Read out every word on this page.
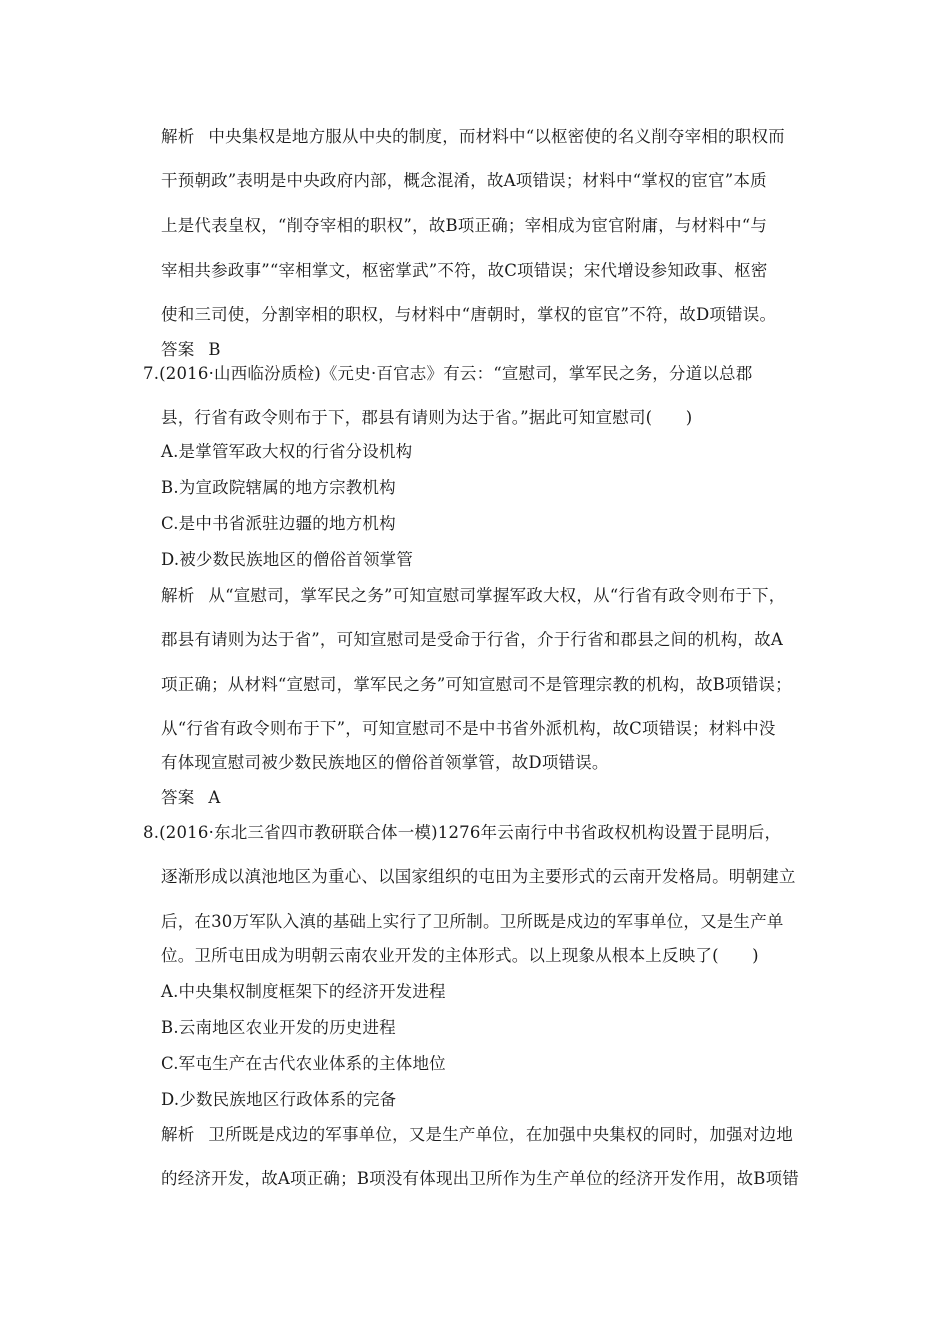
解析 中央集权是地方服从中央的制度，而材料中“以枢密使的名义削夺宰相的职权而
干预朝政”表明是中央政府内部，概念混淆，故A项错误；材料中“掌权的宦官”本质
上是代表皇权，“削夺宰相的职权”，故B项正确；宰相成为宦官附庸，与材料中“与
宰相共参政事”“宰相掌文，枢密掌武”不符，故C项错误；宋代增设参知政事、枢密
使和三司使，分割宰相的职权，与材料中“唐朝时，掌权的宦官”不符，故D项错误。
答案 B
7.(2016·山西临汾质检)《元史·百官志》有云：“宣慰司，掌军民之务，分道以总郡
县，行省有政令则布于下，郡县有请则为达于省。”据此可知宣慰司(　　)
A.是掌管军政大权的行省分设机构
B.为宣政院辖属的地方宗教机构
C.是中书省派驻边疆的地方机构
D.被少数民族地区的僧俗首领掌管
解析 从“宣慰司，掌军民之务”可知宣慰司掌握军政大权，从“行省有政令则布于下，
郡县有请则为达于省”，可知宣慰司是受命于行省，介于行省和郡县之间的机构，故A
项正确；从材料“宣慰司，掌军民之务”可知宣慰司不是管理宗教的机构，故B项错误；
从“行省有政令则布于下”，可知宣慰司不是中书省外派机构，故C项错误；材料中没
有体现宣慰司被少数民族地区的僧俗首领掌管，故D项错误。
答案 A
8.(2016·东北三省四市教研联合体一模)1276年云南行中书省政权机构设置于昆明后，
逐渐形成以滇池地区为重心、以国家组织的屯田为主要形式的云南开发格局。明朝建立
后，在30万军队入滇的基础上实行了卫所制。卫所既是戍边的军事单位，又是生产单
位。卫所屯田成为明朝云南农业开发的主体形式。以上现象从根本上反映了(　　)
A.中央集权制度框架下的经济开发进程
B.云南地区农业开发的历史进程
C.军屯生产在古代农业体系的主体地位
D.少数民族地区行政体系的完备
解析 卫所既是戍边的军事单位，又是生产单位，在加强中央集权的同时，加强对边地
的经济开发，故A项正确；B项没有体现出卫所作为生产单位的经济开发作用，故B项错
